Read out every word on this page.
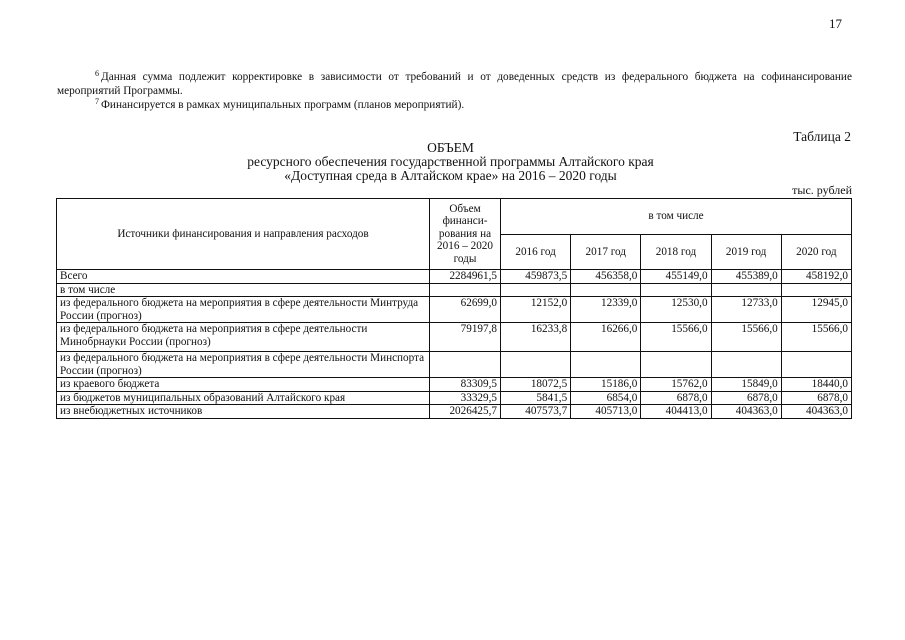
17

$^6$ Данная сумма подлежит корректировке в зависимости от требований и от доведенных средств из федерального бюджета на софинансирование мероприятий Программы.

$^7$ Финансируется в рамках муниципальных программ (планов мероприятий).

Таблица 2
ОБЪЕМ
ресурсного обеспечения государственной программы Алтайского края
«Доступная среда в Алтайском крае» на 2016 – 2020 годы
тыс. рублей
Источники финансирования и направления расходов	Объем финанси-рования на 2016 – 2020 годы	в том числе				
		2016 год	2017 год	2018 год	2019 год	2020 год
Всего	2284961,5	459873,5	456358,0	455149,0	455389,0	458192,0
в том числе						
из федерального бюджета на мероприятия в сфере деятельности Минтруда России (прогноз)	62699,0	12152,0	12339,0	12530,0	12733,0	12945,0
из федерального бюджета на мероприятия в сфере деятельности Минобрнауки России (прогноз)	79197,8	16233,8	16266,0	15566,0	15566,0	15566,0
из федерального бюджета на мероприятия в сфере деятельности Минспорта России (прогноз)						
из краевого бюджета	83309,5	18072,5	15186,0	15762,0	15849,0	18440,0
из бюджетов муниципальных образований Алтайского края	33329,5	5841,5	6854,0	6878,0	6878,0	6878,0
из внебюджетных источников	2026425,7	407573,7	405713,0	404413,0	404363,0	404363,0
